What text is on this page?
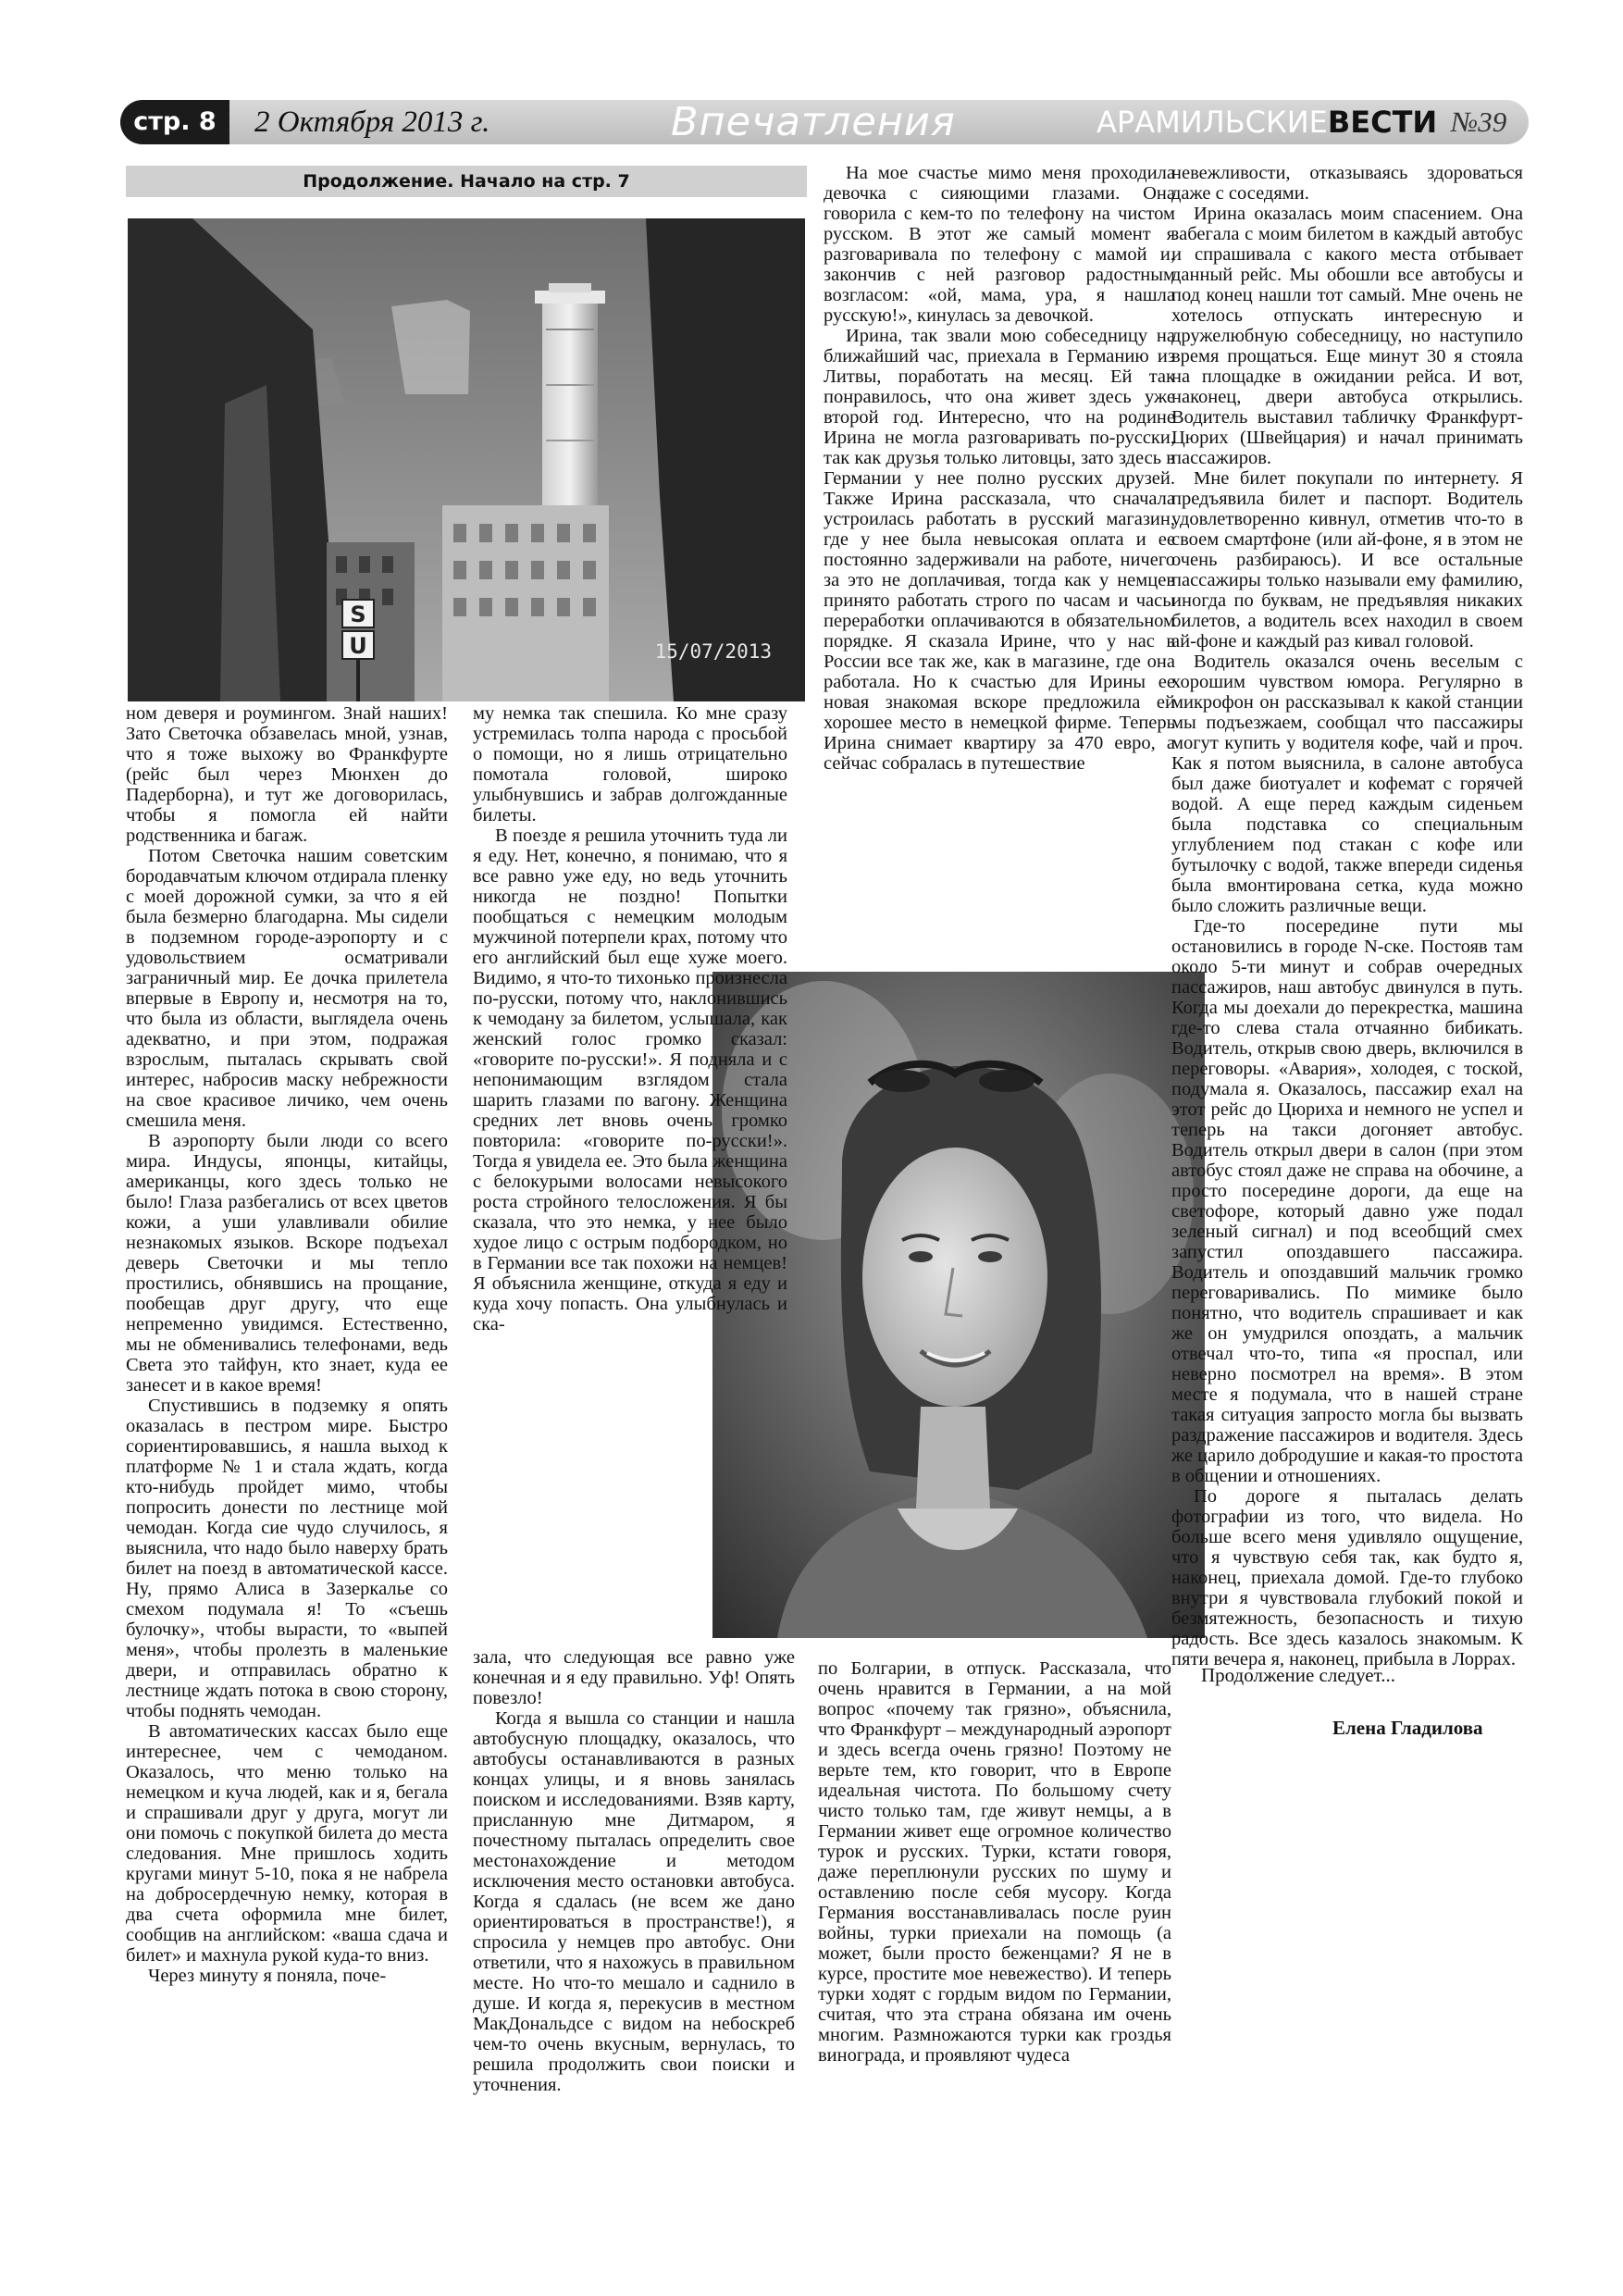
стр. 8	2 Октября 2013 г.	Впечатления	АРАМИЛЬСКИЕВЕСТИ №39
Продолжение. Начало на стр. 7
S
U	15/07/2013

ном деверя и роумингом. Знай наших! Зато Светочка обзавелась мной, узнав, что я тоже выхожу во Франкфурте (рейс был через Мюнхен до Падерборна), и тут же договорилась, чтобы я помогла ей найти родственника и багаж.

Потом Светочка нашим советским бородавчатым ключом отдирала пленку с моей дорожной сумки, за что я ей была безмерно благодарна. Мы сидели в подземном городе-аэропорту и с удовольствием осматривали заграничный мир. Ее дочка прилетела впервые в Европу и, несмотря на то, что была из области, выглядела очень адекватно, и при этом, подражая взрослым, пыталась скрывать свой интерес, набросив маску небрежности на свое красивое личико, чем очень смешила меня.

В аэропорту были люди со всего мира. Индусы, японцы, китайцы, американцы, кого здесь только не было! Глаза разбегались от всех цветов кожи, а уши улавливали обилие незнакомых языков. Вскоре подъехал деверь Светочки и мы тепло простились, обнявшись на прощание, пообещав друг другу, что еще непременно увидимся. Естественно, мы не обменивались телефонами, ведь Света это тайфун, кто знает, куда ее занесет и в какое время!

Спустившись в подземку я опять оказалась в пестром мире. Быстро сориентировавшись, я нашла выход к платформе № 1 и стала ждать, когда кто-нибудь пройдет мимо, чтобы попросить донести по лестнице мой чемодан. Когда сие чудо случилось, я выяснила, что надо было наверху брать билет на поезд в автоматической кассе. Ну, прямо Алиса в Зазеркалье со смехом подумала я! То «съешь булочку», чтобы вырасти, то «выпей меня», чтобы пролезть в маленькие двери, и отправилась обратно к лестнице ждать потока в свою сторону, чтобы поднять чемодан.

В автоматических кассах было еще интереснее, чем с чемоданом. Оказалось, что меню только на немецком и куча людей, как и я, бегала и спрашивали друг у друга, могут ли они помочь с покупкой билета до места следования. Мне пришлось ходить кругами минут 5-10, пока я не набрела на добросердечную немку, которая в два счета оформила мне билет, сообщив на английском: «ваша сдача и билет» и махнула рукой куда-то вниз.

Через минуту я поняла, поче-

му немка так спешила. Ко мне сразу устремилась толпа народа с просьбой о помощи, но я лишь отрицательно помотала головой, широко улыбнувшись и забрав долгожданные билеты.

В поезде я решила уточнить туда ли я еду. Нет, конечно, я понимаю, что я все равно уже еду, но ведь уточнить никогда не поздно! Попытки пообщаться с немецким молодым мужчиной потерпели крах, потому что его английский был еще хуже моего. Видимо, я что-то тихонько произнесла по-русски, потому что, наклонившись к чемодану за билетом, услышала, как женский голос громко сказал: «говорите по-русски!». Я подняла и с непонимающим взглядом стала шарить глазами по вагону. Женщина средних лет вновь очень громко повторила: «говорите по-русски!». Тогда я увидела ее. Это была женщина с белокурыми волосами невысокого роста стройного телосложения. Я бы сказала, что это немка, у нее было худое лицо с острым подбородком, но в Германии все так похожи на немцев! Я объяснила женщине, откуда я еду и куда хочу попасть. Она улыбнулась и ска-

зала, что следующая все равно уже конечная и я еду правильно. Уф! Опять повезло!

Когда я вышла со станции и нашла автобусную площадку, оказалось, что автобусы останавливаются в разных концах улицы, и я вновь занялась поиском и исследованиями. Взяв карту, присланную мне Дитмаром, я почестному пыталась определить свое местонахождение и методом исключения место остановки автобуса. Когда я сдалась (не всем же дано ориентироваться в пространстве!), я спросила у немцев про автобус. Они ответили, что я нахожусь в правильном месте. Но что-то мешало и саднило в душе. И когда я, перекусив в местном МакДональдсе с видом на небоскреб чем-то очень вкусным, вернулась, то решила продолжить свои поиски и уточнения.

На мое счастье мимо меня проходила девочка с сияющими глазами. Она говорила с кем-то по телефону на чистом русском. В этот же самый момент я разговаривала по телефону с мамой и, закончив с ней разговор радостным возгласом: «ой, мама, ура, я нашла русскую!», кинулась за девочкой.

Ирина, так звали мою собеседницу на ближайший час, приехала в Германию из Литвы, поработать на месяц. Ей так понравилось, что она живет здесь уже второй год. Интересно, что на родине Ирина не могла разговаривать по-русски, так как друзья только литовцы, зато здесь в Германии у нее полно русских друзей. Также Ирина рассказала, что сначала устроилась работать в русский магазин, где у нее была невысокая оплата и ее постоянно задерживали на работе, ничего за это не доплачивая, тогда как у немцев принято работать строго по часам и часы переработки оплачиваются в обязательном порядке. Я сказала Ирине, что у нас в России все так же, как в магазине, где она работала. Но к счастью для Ирины ее новая знакомая вскоре предложила ей хорошее место в немецкой фирме. Теперь Ирина снимает квартиру за 470 евро, а сейчас собралась в путешествие

по Болгарии, в отпуск. Рассказала, что очень нравится в Германии, а на мой вопрос «почему так грязно», объяснила, что Франкфурт – международный аэропорт и здесь всегда очень грязно! Поэтому не верьте тем, кто говорит, что в Европе идеальная чистота. По большому счету чисто только там, где живут немцы, а в Германии живет еще огромное количество турок и русских. Турки, кстати говоря, даже переплюнули русских по шуму и оставлению после себя мусору. Когда Германия восстанавливалась после руин войны, турки приехали на помощь (а может, были просто беженцами? Я не в курсе, простите мое невежество). И теперь турки ходят с гордым видом по Германии, считая, что эта страна обязана им очень многим. Размножаются турки как гроздья винограда, и проявляют чудеса

невежливости, отказываясь здороваться даже с соседями.

Ирина оказалась моим спасением. Она забегала с моим билетом в каждый автобус и спрашивала с какого места отбывает данный рейс. Мы обошли все автобусы и под конец нашли тот самый. Мне очень не хотелось отпускать интересную и дружелюбную собеседницу, но наступило время прощаться. Еще минут 30 я стояла на площадке в ожидании рейса. И вот, наконец, двери автобуса открылись. Водитель выставил табличку Франкфурт-Цюрих (Швейцария) и начал принимать пассажиров.

Мне билет покупали по интернету. Я предъявила билет и паспорт. Водитель удовлетворенно кивнул, отметив что-то в своем смартфоне (или ай-фоне, я в этом не очень разбираюсь). И все остальные пассажиры только называли ему фамилию, иногда по буквам, не предъявляя никаких билетов, а водитель всех находил в своем ай-фоне и каждый раз кивал головой.

Водитель оказался очень веселым с хорошим чувством юмора. Регулярно в микрофон он рассказывал к какой станции мы подъезжаем, сообщал что пассажиры могут купить у водителя кофе, чай и проч. Как я потом выяснила, в салоне автобуса был даже биотуалет и кофемат с горячей водой. А еще перед каждым сиденьем была подставка со специальным углублением под стакан с кофе или бутылочку с водой, также впереди сиденья была вмонтирована сетка, куда можно было сложить различные вещи.

Где-то посередине пути мы остановились в городе N-ске. Постояв там около 5-ти минут и собрав очередных пассажиров, наш автобус двинулся в путь. Когда мы доехали до перекрестка, машина где-то слева стала отчаянно бибикать. Водитель, открыв свою дверь, включился в переговоры. «Авария», холодея, с тоской, подумала я. Оказалось, пассажир ехал на этот рейс до Цюриха и немного не успел и теперь на такси догоняет автобус. Водитель открыл двери в салон (при этом автобус стоял даже не справа на обочине, а просто посередине дороги, да еще на светофоре, который давно уже подал зеленый сигнал) и под всеобщий смех запустил опоздавшего пассажира. Водитель и опоздавший мальчик громко переговаривались. По мимике было понятно, что водитель спрашивает и как же он умудрился опоздать, а мальчик отвечал что-то, типа «я проспал, или неверно посмотрел на время». В этом месте я подумала, что в нашей стране такая ситуация запросто могла бы вызвать раздражение пассажиров и водителя. Здесь же царило добродушие и какая-то простота в общении и отношениях.

По дороге я пыталась делать фотографии из того, что видела. Но больше всего меня удивляло ощущение, что я чувствую себя так, как будто я, наконец, приехала домой. Где-то глубоко внутри я чувствовала глубокий покой и безмятежность, безопасность и тихую радость. Все здесь казалось знакомым. К пяти вечера я, наконец, прибыла в Лоррах.

Продолжение следует...
Елена Гладилова
